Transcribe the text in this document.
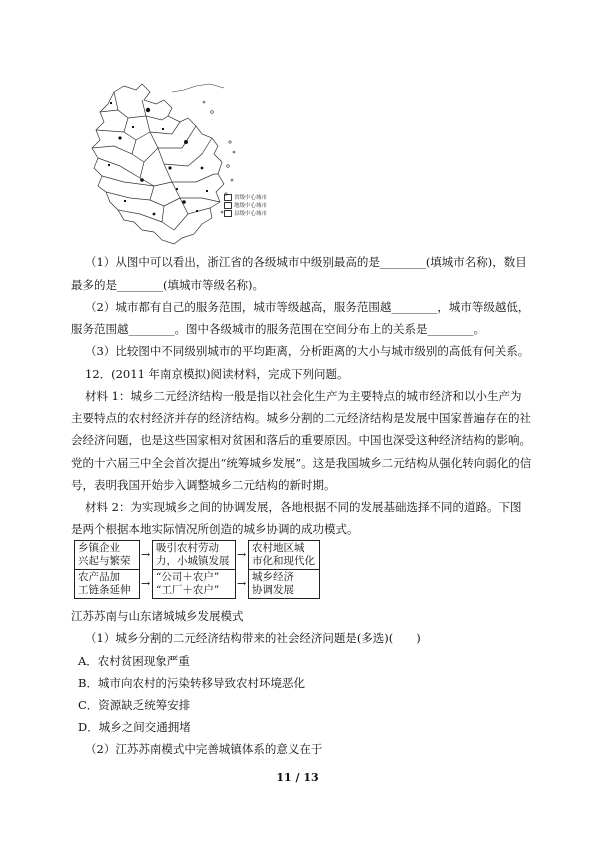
省级中心城市
地级中心城市
县级中心城市
（1）从图中可以看出，浙江省的各级城市中级别最高的是________(填城市名称)，数目
最多的是________(填城市等级名称)。
（2）城市都有自己的服务范围，城市等级越高，服务范围越________，城市等级越低，
服务范围越________。图中各级城市的服务范围在空间分布上的关系是________。
（3）比较图中不同级别城市的平均距离，分析距离的大小与城市级别的高低有何关系。
12．(2011 年南京模拟)阅读材料，完成下列问题。
材料 1：城乡二元经济结构一般是指以社会化生产为主要特点的城市经济和以小生产为
主要特点的农村经济并存的经济结构。城乡分割的二元经济结构是发展中国家普遍存在的社
会经济问题，也是这些国家相对贫困和落后的重要原因。中国也深受这种经济结构的影响。
党的十六届三中全会首次提出“统筹城乡发展”。这是我国城乡二元结构从强化转向弱化的信
号，表明我国开始步入调整城乡二元结构的新时期。
材料 2：为实现城乡之间的协调发展，各地根据不同的发展基础选择不同的道路。下图
是两个根据本地实际情况所创造的城乡协调的成功模式。
乡镇企业
兴起与繁荣 → 吸引农村劳动
力，小城镇发展 → 农村地区城
市化和现代化
农产品加
工链条延伸 → “公司＋农户”
“工厂＋农户”	→ 城乡经济
协调发展
江苏苏南与山东诸城城乡发展模式
（1）城乡分割的二元经济结构带来的社会经济问题是(多选)(　　)
A．农村贫困现象严重
B．城市向农村的污染转移导致农村环境恶化
C．资源缺乏统筹安排
D．城乡之间交通拥堵
（2）江苏苏南模式中完善城镇体系的意义在于
11 / 13
